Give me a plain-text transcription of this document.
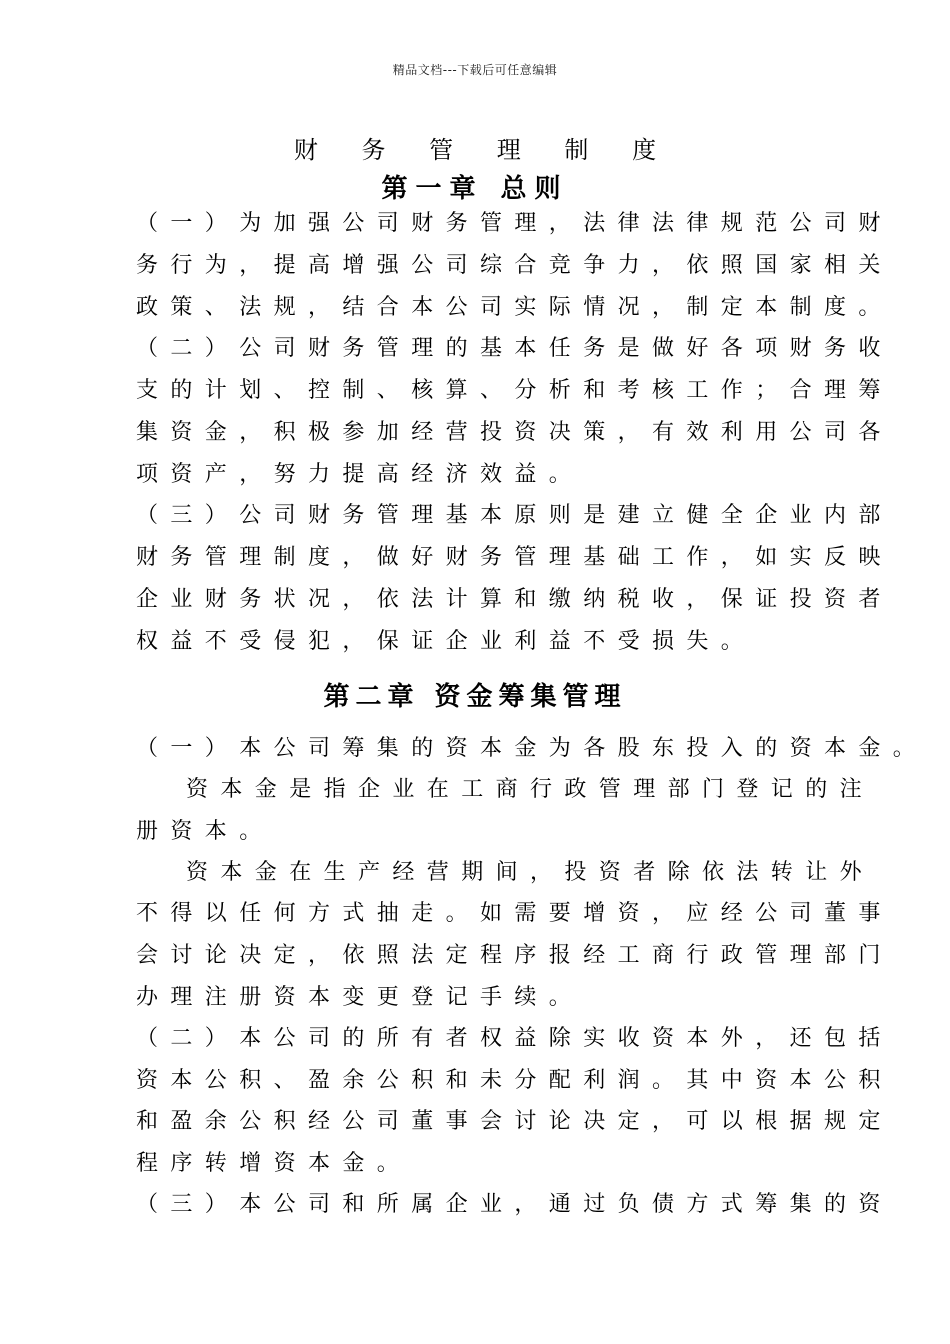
精品文档---下载后可任意编辑
财 务 管 理 制 度
第一章 总则
（一）为加强公司财务管理，法律法律规范公司财
务行为，提高增强公司综合竞争力，依照国家相关
政策、法规，结合本公司实际情况，制定本制度。
（二）公司财务管理的基本任务是做好各项财务收
支的计划、控制、核算、分析和考核工作；合理筹
集资金，积极参加经营投资决策，有效利用公司各
项资产，努力提高经济效益。
（三）公司财务管理基本原则是建立健全企业内部
财务管理制度，做好财务管理基础工作，如实反映
企业财务状况，依法计算和缴纳税收，保证投资者
权益不受侵犯，保证企业利益不受损失。
第二章 资金筹集管理
（一）本公司筹集的资本金为各股东投入的资本金。
资本金是指企业在工商行政管理部门登记的注
册资本。
资本金在生产经营期间，投资者除依法转让外
不得以任何方式抽走。如需要增资，应经公司董事
会讨论决定，依照法定程序报经工商行政管理部门
办理注册资本变更登记手续。
（二）本公司的所有者权益除实收资本外，还包括
资本公积、盈余公积和未分配利润。其中资本公积
和盈余公积经公司董事会讨论决定，可以根据规定
程序转增资本金。
（三）本公司和所属企业，通过负债方式筹集的资
